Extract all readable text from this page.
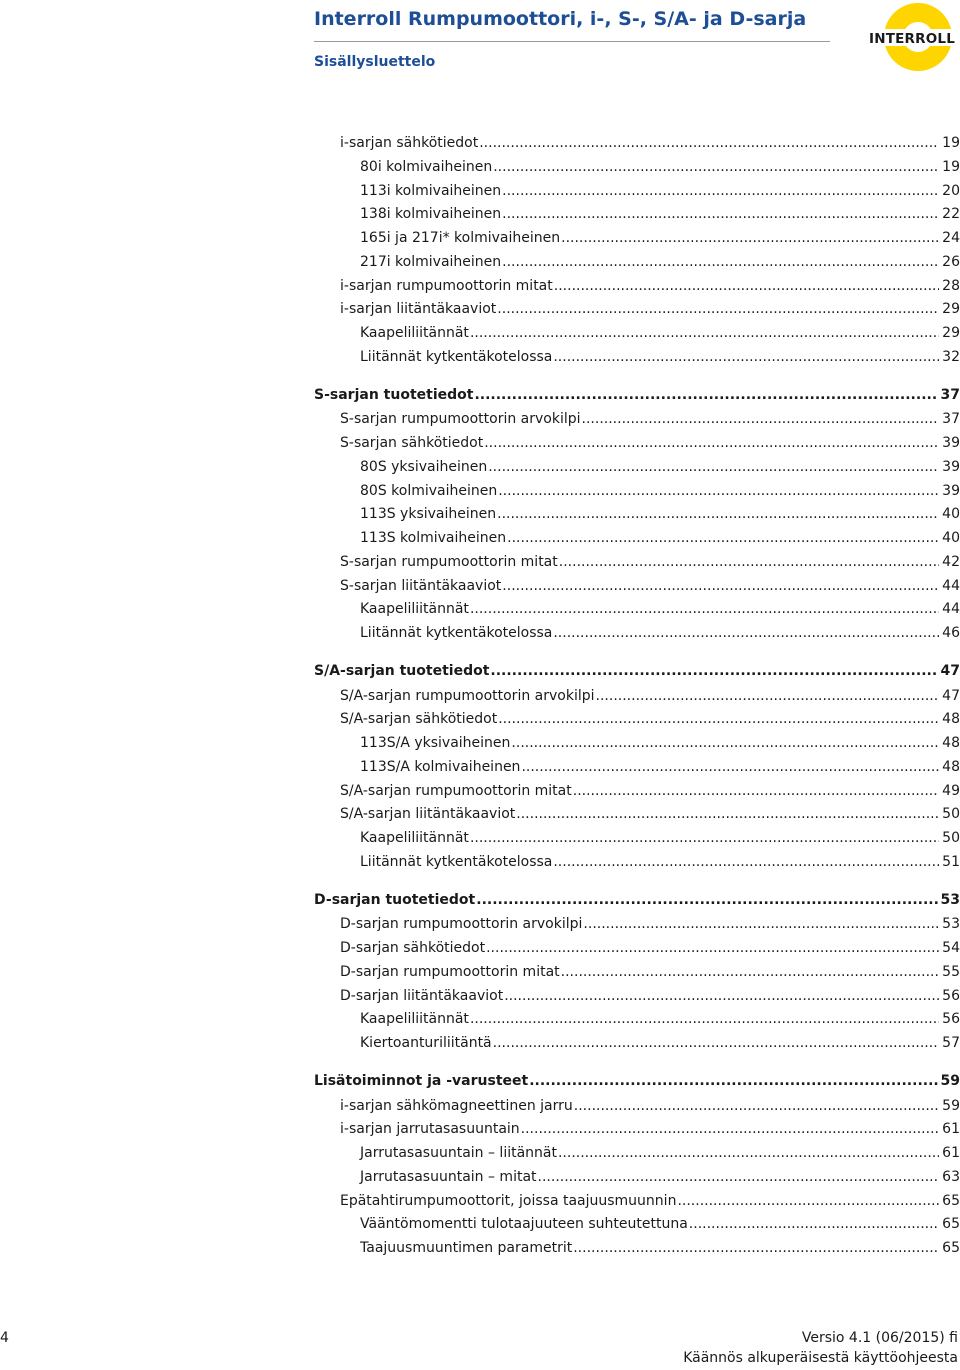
Interroll Rumpumoottori, i-, S-, S/A- ja D-sarja
Sisällysluettelo
INTERROLL
i-sarjan sähkötiedot .....	19
80i kolmivaiheinen .....	19
113i kolmivaiheinen .....	20
138i kolmivaiheinen .....	22
165i ja 217i* kolmivaiheinen .....	24
217i kolmivaiheinen .....	26
i-sarjan rumpumoottorin mitat .....	28
i-sarjan liitäntäkaaviot .....	29
Kaapeliliitännät .....	29
Liitännät kytkentäkotelossa .....	32
S-sarjan tuotetiedot .....	37
S-sarjan rumpumoottorin arvokilpi .....	37
S-sarjan sähkötiedot .....	39
80S yksivaiheinen .....	39
80S kolmivaiheinen .....	39
113S yksivaiheinen .....	40
113S kolmivaiheinen .....	40
S-sarjan rumpumoottorin mitat .....	42
S-sarjan liitäntäkaaviot .....	44
Kaapeliliitännät .....	44
Liitännät kytkentäkotelossa .....	46
S/A-sarjan tuotetiedot .....	47
S/A-sarjan rumpumoottorin arvokilpi .....	47
S/A-sarjan sähkötiedot .....	48
113S/A yksivaiheinen .....	48
113S/A kolmivaiheinen .....	48
S/A-sarjan rumpumoottorin mitat .....	49
S/A-sarjan liitäntäkaaviot .....	50
Kaapeliliitännät .....	50
Liitännät kytkentäkotelossa .....	51
D-sarjan tuotetiedot .....	53
D-sarjan rumpumoottorin arvokilpi .....	53
D-sarjan sähkötiedot .....	54
D-sarjan rumpumoottorin mitat .....	55
D-sarjan liitäntäkaaviot .....	56
Kaapeliliitännät .....	56
Kiertoanturiliitäntä .....	57
Lisätoiminnot ja -varusteet .....	59
i-sarjan sähkömagneettinen jarru .....	59
i-sarjan jarrutasasuuntain .....	61
Jarrutasasuuntain – liitännät .....	61
Jarrutasasuuntain – mitat .....	63
Epätahtirumpumoottorit, joissa taajuusmuunnin .....	65
Vääntömomentti tulotaajuuteen suhteutettuna .....	65
Taajuusmuuntimen parametrit .....	65
4	Versio 4.1 (06/2015) fi
Käännös alkuperäisestä käyttöohjeesta
